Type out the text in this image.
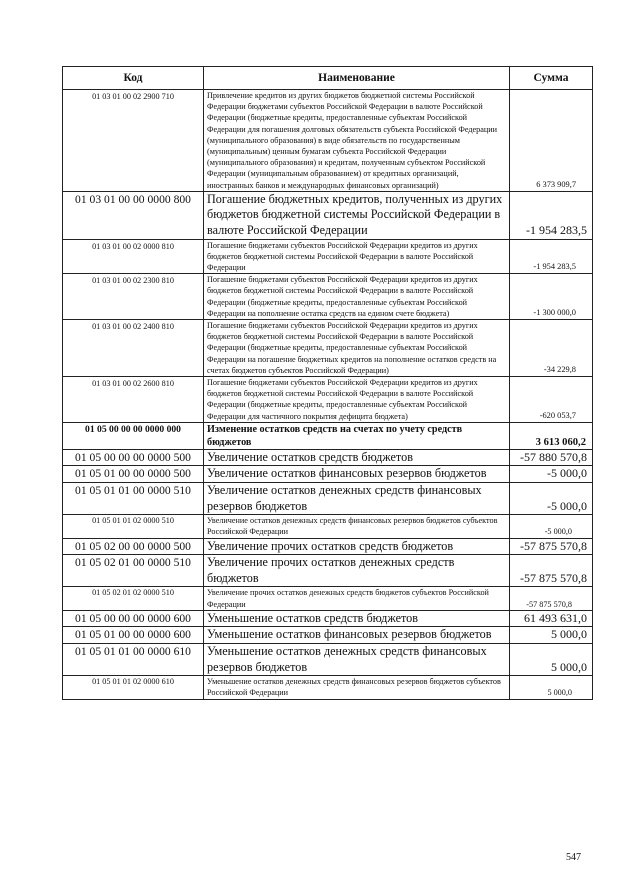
Код	Наименование	Сумма
01 03 01 00 02 2900 710	Привлечение кредитов из других бюджетов бюджетной системы Российской Федерации бюджетами субъектов Российской Федерации в валюте Российской Федерации (бюджетные кредиты, предоставленные субъектам Российской Федерации для погашения долговых обязательств субъекта Российской Федерации (муниципального образования) в виде обязательств по государственным (муниципальным) ценным бумагам субъекта Российской Федерации (муниципального образования) и кредитам, полученным субъектом Российской Федерации (муниципальным образованием) от кредитных организаций, иностранных банков и международных финансовых организаций)	6 373 909,7
01 03 01 00 00 0000 800	Погашение бюджетных кредитов, полученных из других бюджетов бюджетной системы Российской Федерации в валюте Российской Федерации	-1 954 283,5
01 03 01 00 02 0000 810	Погашение бюджетами субъектов Российской Федерации кредитов из других бюджетов бюджетной системы Российской Федерации в валюте Российской Федерации	-1 954 283,5
01 03 01 00 02 2300 810	Погашение бюджетами субъектов Российской Федерации кредитов из других бюджетов бюджетной системы Российской Федерации в валюте Российской Федерации (бюджетные кредиты, предоставленные субъектам Российской Федерации на пополнение остатка средств на едином счете бюджета)	-1 300 000,0
01 03 01 00 02 2400 810	Погашение бюджетами субъектов Российской Федерации кредитов из других бюджетов бюджетной системы Российской Федерации в валюте Российской Федерации (бюджетные кредиты, предоставленные субъектам Российской Федерации на погашение бюджетных кредитов на пополнение остатков средств на счетах бюджетов субъектов Российской Федерации)	-34 229,8
01 03 01 00 02 2600 810	Погашение бюджетами субъектов Российской Федерации кредитов из других бюджетов бюджетной системы Российской Федерации в валюте Российской Федерации (бюджетные кредиты, предоставленные субъектам Российской Федерации для частичного покрытия дефицита бюджета)	-620 053,7
01 05 00 00 00 0000 000	Изменение остатков средств на счетах по учету средств бюджетов	3 613 060,2
01 05 00 00 00 0000 500	Увеличение остатков средств бюджетов	-57 880 570,8
01 05 01 00 00 0000 500	Увеличение остатков финансовых резервов бюджетов	-5 000,0
01 05 01 01 00 0000 510	Увеличение остатков денежных средств финансовых резервов бюджетов	-5 000,0
01 05 01 01 02 0000 510	Увеличение остатков денежных средств финансовых резервов бюджетов субъектов Российской Федерации	-5 000,0
01 05 02 00 00 0000 500	Увеличение прочих остатков средств бюджетов	-57 875 570,8
01 05 02 01 00 0000 510	Увеличение прочих остатков денежных средств бюджетов	-57 875 570,8
01 05 02 01 02 0000 510	Увеличение прочих остатков денежных средств бюджетов субъектов Российской Федерации	-57 875 570,8
01 05 00 00 00 0000 600	Уменьшение остатков средств бюджетов	61 493 631,0
01 05 01 00 00 0000 600	Уменьшение остатков финансовых резервов бюджетов	5 000,0
01 05 01 01 00 0000 610	Уменьшение остатков денежных средств финансовых резервов бюджетов	5 000,0
01 05 01 01 02 0000 610	Уменьшение остатков денежных средств финансовых резервов бюджетов субъектов Российской Федерации	5 000,0
547
